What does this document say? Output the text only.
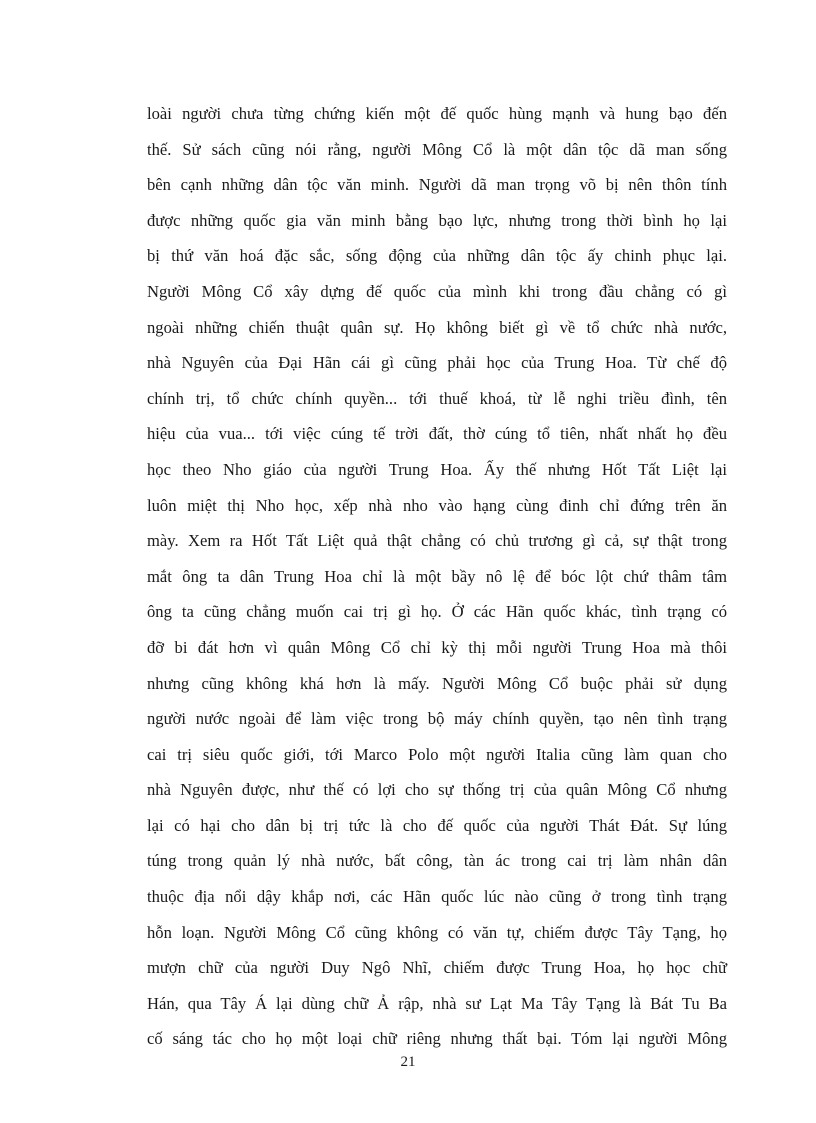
loài người chưa từng chứng kiến một đế quốc hùng mạnh và hung bạo đến
thế. Sử sách cũng nói rằng, người Mông Cổ là một dân tộc dã man sống
bên cạnh những dân tộc văn minh. Người dã man trọng võ bị nên thôn tính
được những quốc gia văn minh bằng bạo lực, nhưng trong thời bình họ lại
bị thứ văn hoá đặc sắc, sống động của những dân tộc ấy chinh phục lại.
Người Mông Cổ xây dựng đế quốc của mình khi trong đầu chẳng có gì
ngoài những chiến thuật quân sự. Họ không biết gì về tổ chức nhà nước,
nhà Nguyên của Đại Hãn cái gì cũng phải học của Trung Hoa. Từ chế độ
chính trị, tổ chức chính quyền... tới thuế khoá, từ lễ nghi triều đình, tên
hiệu của vua... tới việc cúng tế trời đất, thờ cúng tổ tiên, nhất nhất họ đều
học theo Nho giáo của người Trung Hoa. Ấy thế nhưng Hốt Tất Liệt lại
luôn miệt thị Nho học, xếp nhà nho vào hạng cùng đinh chỉ đứng trên ăn
mày. Xem ra Hốt Tất Liệt quả thật chẳng có chủ trương gì cả, sự thật trong
mắt ông ta dân Trung Hoa chỉ là một bầy nô lệ để bóc lột chứ thâm tâm
ông ta cũng chẳng muốn cai trị gì họ. Ở các Hãn quốc khác, tình trạng có
đỡ bi đát hơn vì quân Mông Cổ chỉ kỳ thị mỗi người Trung Hoa mà thôi
nhưng cũng không khá hơn là mấy. Người Mông Cổ buộc phải sử dụng
người nước ngoài để làm việc trong bộ máy chính quyền, tạo nên tình trạng
cai trị siêu quốc giới, tới Marco Polo một người Italia cũng làm quan cho
nhà Nguyên được, như thế có lợi cho sự thống trị của quân Mông Cổ nhưng
lại có hại cho dân bị trị tức là cho đế quốc của người Thát Đát. Sự lúng
túng trong quản lý nhà nước, bất công, tàn ác trong cai trị làm nhân dân
thuộc địa nổi dậy khắp nơi, các Hãn quốc lúc nào cũng ở trong tình trạng
hỗn loạn. Người Mông Cổ cũng không có văn tự, chiếm được Tây Tạng, họ
mượn chữ của người Duy Ngô Nhĩ, chiếm được Trung Hoa, họ học chữ
Hán, qua Tây Á lại dùng chữ Ả rập, nhà sư Lạt Ma Tây Tạng là Bát Tu Ba
cố sáng tác cho họ một loại chữ riêng nhưng thất bại. Tóm lại người Mông
21
